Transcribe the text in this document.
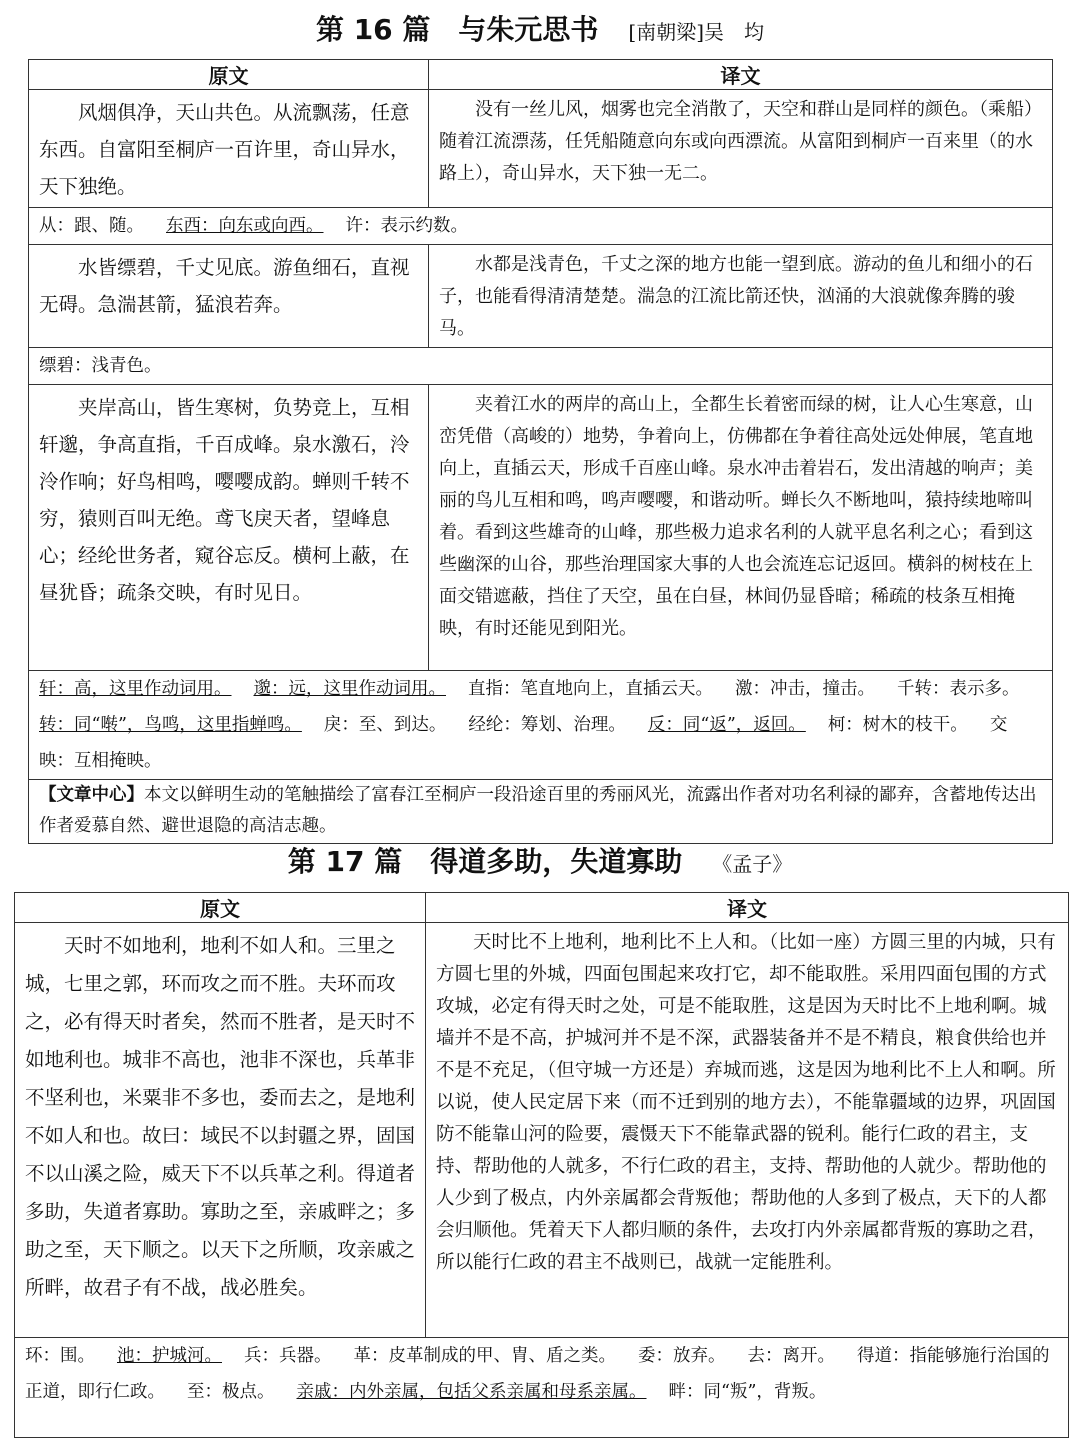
第 16 篇　与朱元思书 [南朝梁]吴　均
原文	译文
风烟俱净，天山共色。从流飘荡，任意东西。自富阳至桐庐一百许里，奇山异水，天下独绝。	没有一丝儿风，烟雾也完全消散了，天空和群山是同样的颜色。（乘船）随着江流漂荡，任凭船随意向东或向西漂流。从富阳到桐庐一百来里（的水路上），奇山异水，天下独一无二。
从：跟、随。 东西：向东或向西。 许：表示约数。	
水皆缥碧，千丈见底。游鱼细石，直视无碍。急湍甚箭，猛浪若奔。	水都是浅青色，千丈之深的地方也能一望到底。游动的鱼儿和细小的石子，也能看得清清楚楚。湍急的江流比箭还快，汹涌的大浪就像奔腾的骏马。
缥碧：浅青色。	
夹岸高山，皆生寒树，负势竞上，互相轩邈，争高直指，千百成峰。泉水激石，泠泠作响；好鸟相鸣，嘤嘤成韵。蝉则千转不穷，猿则百叫无绝。鸢飞戾天者，望峰息心；经纶世务者，窥谷忘反。横柯上蔽，在昼犹昏；疏条交映，有时见日。	夹着江水的两岸的高山上，全都生长着密而绿的树，让人心生寒意，山峦凭借（高峻的）地势，争着向上，仿佛都在争着往高处远处伸展，笔直地向上，直插云天，形成千百座山峰。泉水冲击着岩石，发出清越的响声；美丽的鸟儿互相和鸣，鸣声嘤嘤，和谐动听。蝉长久不断地叫，猿持续地啼叫着。看到这些雄奇的山峰，那些极力追求名利的人就平息名利之心；看到这些幽深的山谷，那些治理国家大事的人也会流连忘记返回。横斜的树枝在上面交错遮蔽，挡住了天空，虽在白昼，林间仍显昏暗；稀疏的枝条互相掩映，有时还能见到阳光。
轩：高，这里作动词用。 邈：远，这里作动词用。 直指：笔直地向上，直插云天。 激：冲击，撞击。 千转：表示多。转：同“啭”，鸟鸣，这里指蝉鸣。 戾：至、到达。 经纶：筹划、治理。 反：同“返”，返回。 柯：树木的枝干。 交映：互相掩映。	
【文章中心】本文以鲜明生动的笔触描绘了富春江至桐庐一段沿途百里的秀丽风光，流露出作者对功名利禄的鄙弃，含蓄地传达出作者爱慕自然、避世退隐的高洁志趣。	
第 17 篇　得道多助，失道寡助 《孟子》
原文	译文
天时不如地利，地利不如人和。三里之城，七里之郭，环而攻之而不胜。夫环而攻之，必有得天时者矣，然而不胜者，是天时不如地利也。城非不高也，池非不深也，兵革非不坚利也，米粟非不多也，委而去之，是地利不如人和也。故曰：域民不以封疆之界，固国不以山溪之险，威天下不以兵革之利。得道者多助，失道者寡助。寡助之至，亲戚畔之；多助之至，天下顺之。以天下之所顺，攻亲戚之所畔，故君子有不战，战必胜矣。	天时比不上地利，地利比不上人和。（比如一座）方圆三里的内城，只有方圆七里的外城，四面包围起来攻打它，却不能取胜。采用四面包围的方式攻城，必定有得天时之处，可是不能取胜，这是因为天时比不上地利啊。城墙并不是不高，护城河并不是不深，武器装备并不是不精良，粮食供给也并不是不充足，（但守城一方还是）弃城而逃，这是因为地利比不上人和啊。所以说，使人民定居下来（而不迁到别的地方去），不能靠疆域的边界，巩固国防不能靠山河的险要，震慑天下不能靠武器的锐利。能行仁政的君主，支持、帮助他的人就多，不行仁政的君主，支持、帮助他的人就少。帮助他的人少到了极点，内外亲属都会背叛他；帮助他的人多到了极点，天下的人都会归顺他。凭着天下人都归顺的条件，去攻打内外亲属都背叛的寡助之君，所以能行仁政的君主不战则已，战就一定能胜利。
环：围。 池：护城河。 兵：兵器。 革：皮革制成的甲、胄、盾之类。 委：放弃。 去：离开。 得道：指能够施行治国的正道，即行仁政。 至：极点。 亲戚：内外亲属，包括父系亲属和母系亲属。 畔：同“叛”，背叛。	
